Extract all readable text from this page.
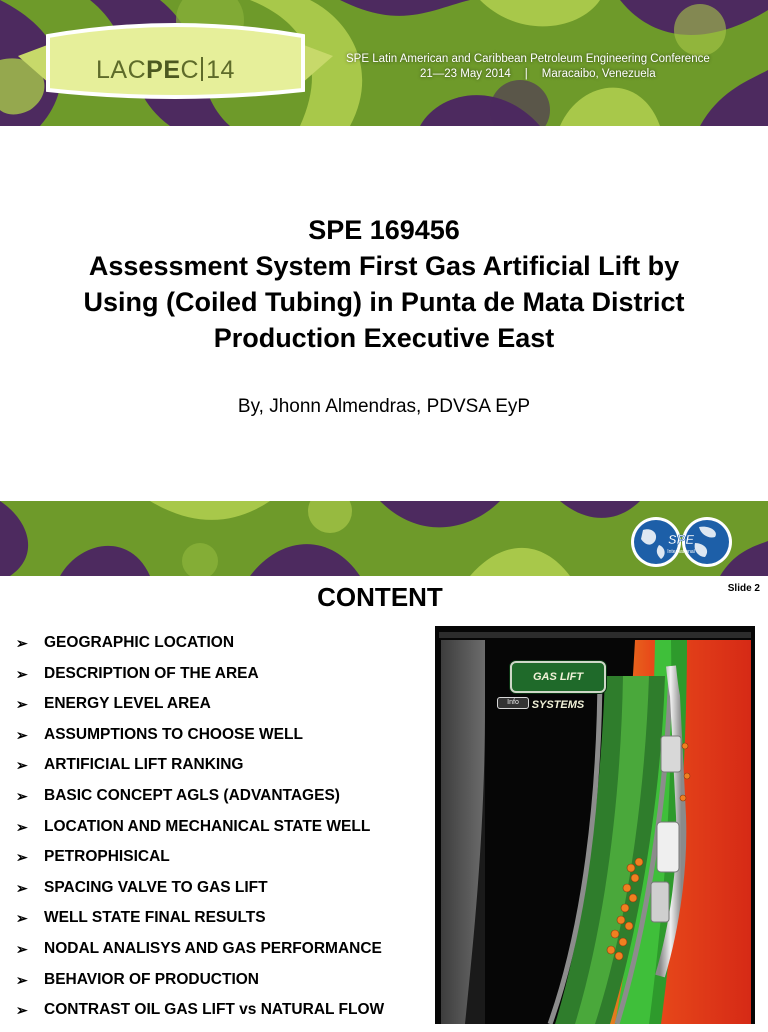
LACPEC 14	SPE Latin American and Caribbean Petroleum Engineering Conference
21—23 May 2014 | Maracaibo, Venezuela
SPE 169456
Assessment System First Gas Artificial Lift by
Using (Coiled Tubing) in Punta de Mata District
Production Executive East
By, Jhonn Almendras, PDVSA EyP
SPE
International
CONTENT	Slide 2
➢	GEOGRAPHIC LOCATION
➢	DESCRIPTION OF THE AREA
➢	ENERGY LEVEL AREA
➢	ASSUMPTIONS TO CHOOSE WELL
➢	ARTIFICIAL LIFT RANKING
➢	BASIC CONCEPT AGLS (ADVANTAGES)
➢	LOCATION AND MECHANICAL STATE WELL
➢	PETROPHISICAL
➢	SPACING VALVE TO GAS LIFT
➢	WELL STATE FINAL RESULTS
➢	NODAL ANALISYS AND GAS PERFORMANCE
➢	BEHAVIOR OF PRODUCTION
➢	CONTRAST OIL GAS LIFT vs NATURAL FLOW
GAS LIFT SYSTEMS
Info
